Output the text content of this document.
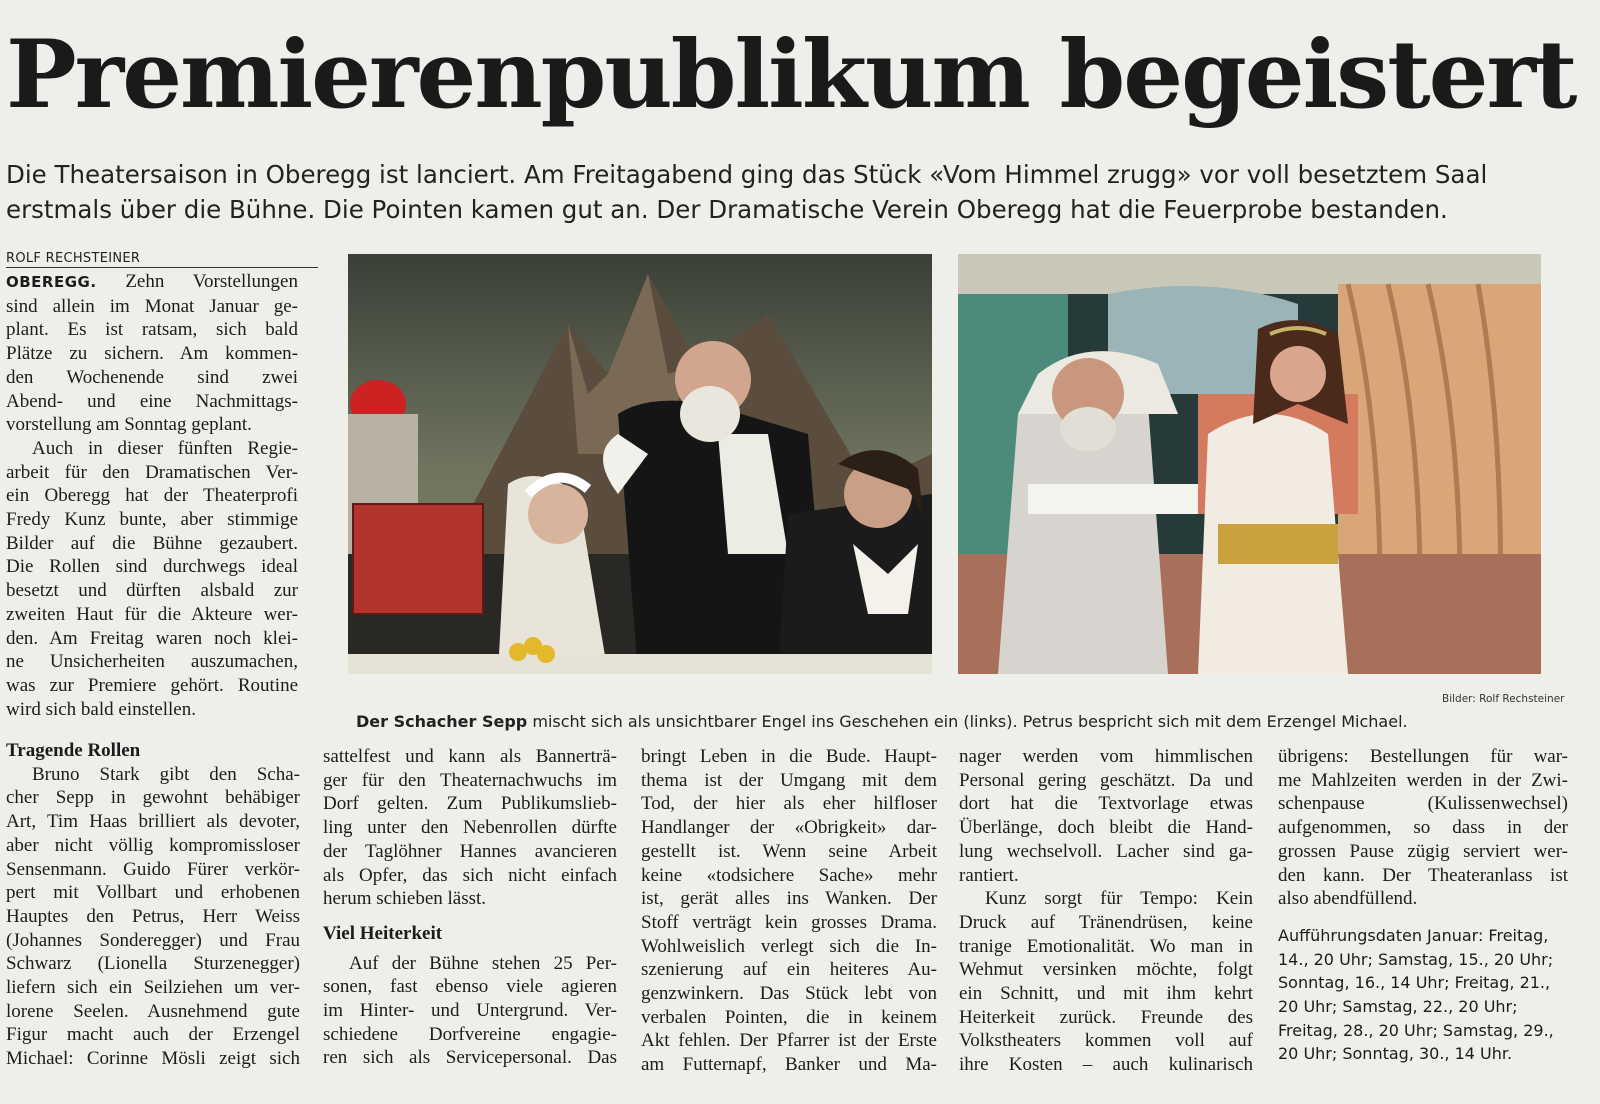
Premierenpublikum begeistert
Die Theatersaison in Oberegg ist lanciert. Am Freitagabend ging das Stück «Vom Himmel zrugg» vor voll besetztem Saal
erstmals über die Bühne. Die Pointen kamen gut an. Der Dramatische Verein Oberegg hat die Feuerprobe bestanden.
ROLF RECHSTEINER
OBEREGG. Zehn Vorstellungen
sind allein im Monat Januar ge-
plant. Es ist ratsam, sich bald
Plätze zu sichern. Am kommen-
den Wochenende sind zwei
Abend- und eine Nachmittags-
vorstellung am Sonntag geplant.
Auch in dieser fünften Regie-
arbeit für den Dramatischen Ver-
ein Oberegg hat der Theaterprofi
Fredy Kunz bunte, aber stimmige
Bilder auf die Bühne gezaubert.
Die Rollen sind durchwegs ideal
besetzt und dürften alsbald zur
zweiten Haut für die Akteure wer-
den. Am Freitag waren noch klei-
ne Unsicherheiten auszumachen,
was zur Premiere gehört. Routine
wird sich bald einstellen.	Bilder: Rolf Rechsteiner
Der Schacher Sepp mischt sich als unsichtbarer Engel ins Geschehen ein (links). Petrus bespricht sich mit dem Erzengel Michael.
Tragende Rollen
Bruno Stark gibt den Scha-
cher Sepp in gewohnt behäbiger
Art, Tim Haas brilliert als devoter,
aber nicht völlig kompromissloser
Sensenmann. Guido Fürer verkör-
pert mit Vollbart und erhobenen
Hauptes den Petrus, Herr Weiss
(Johannes Sonderegger) und Frau
Schwarz (Lionella Sturzenegger)
liefern sich ein Seilziehen um ver-
lorene Seelen. Ausnehmend gute
Figur macht auch der Erzengel
Michael: Corinne Mösli zeigt sich
sattelfest und kann als Bannerträ-
ger für den Theaternachwuchs im
Dorf gelten. Zum Publikumslieb-
ling unter den Nebenrollen dürfte
der Taglöhner Hannes avancieren
als Opfer, das sich nicht einfach
herum schieben lässt.
Viel Heiterkeit
Auf der Bühne stehen 25 Per-
sonen, fast ebenso viele agieren
im Hinter- und Untergrund. Ver-
schiedene Dorfvereine engagie-
ren sich als Servicepersonal. Das
bringt Leben in die Bude. Haupt-
thema ist der Umgang mit dem
Tod, der hier als eher hilfloser
Handlanger der «Obrigkeit» dar-
gestellt ist. Wenn seine Arbeit
keine «todsichere Sache» mehr
ist, gerät alles ins Wanken. Der
Stoff verträgt kein grosses Drama.
Wohlweislich verlegt sich die In-
szenierung auf ein heiteres Au-
genzwinkern. Das Stück lebt von
verbalen Pointen, die in keinem
Akt fehlen. Der Pfarrer ist der Erste
am Futternapf, Banker und Ma-
nager werden vom himmlischen
Personal gering geschätzt. Da und
dort hat die Textvorlage etwas
Überlänge, doch bleibt die Hand-
lung wechselvoll. Lacher sind ga-
rantiert.
Kunz sorgt für Tempo: Kein
Druck auf Tränendrüsen, keine
tranige Emotionalität. Wo man in
Wehmut versinken möchte, folgt
ein Schnitt, und mit ihm kehrt
Heiterkeit zurück. Freunde des
Volkstheaters kommen voll auf
ihre Kosten – auch kulinarisch
übrigens: Bestellungen für war-
me Mahlzeiten werden in der Zwi-
schenpause (Kulissenwechsel)
aufgenommen, so dass in der
grossen Pause zügig serviert wer-
den kann. Der Theateranlass ist
also abendfüllend.
Aufführungsdaten Januar: Freitag,
14., 20 Uhr; Samstag, 15., 20 Uhr;
Sonntag, 16., 14 Uhr; Freitag, 21.,
20 Uhr; Samstag, 22., 20 Uhr;
Freitag, 28., 20 Uhr; Samstag, 29.,
20 Uhr; Sonntag, 30., 14 Uhr.
